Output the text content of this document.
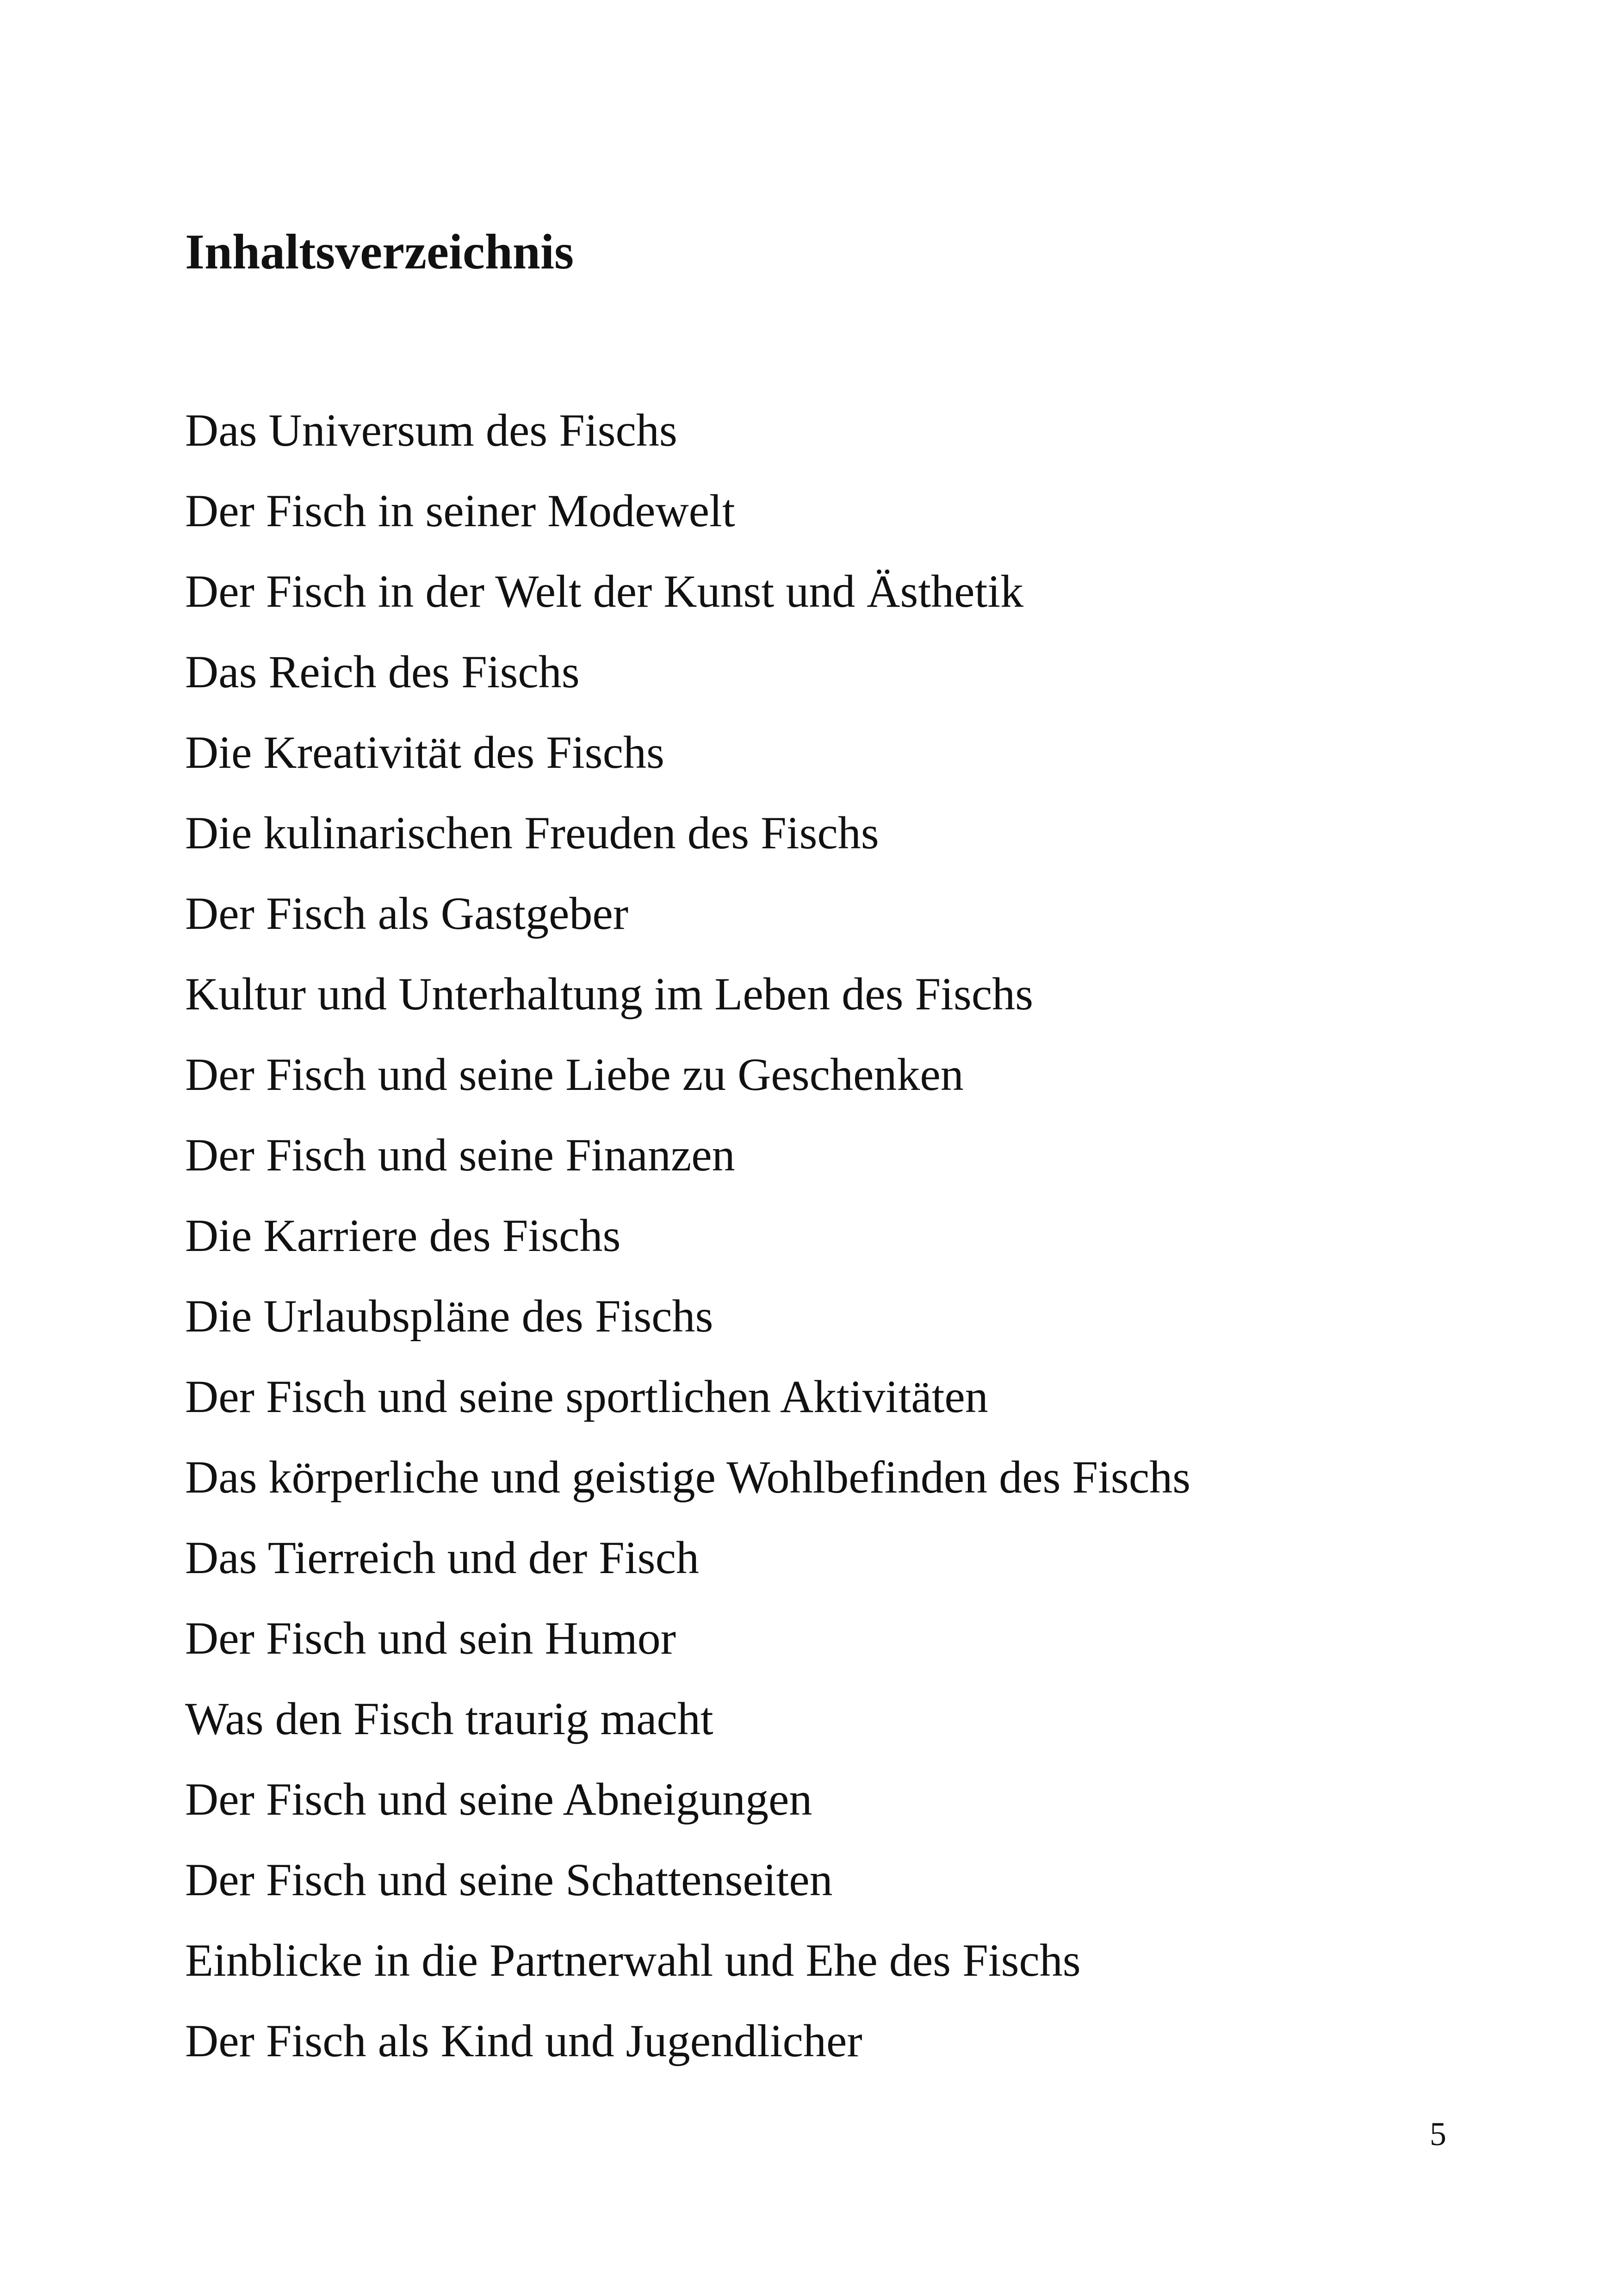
Inhaltsverzeichnis
Das Universum des Fischs
Der Fisch in seiner Modewelt
Der Fisch in der Welt der Kunst und Ästhetik
Das Reich des Fischs
Die Kreativität des Fischs
Die kulinarischen Freuden des Fischs
Der Fisch als Gastgeber
Kultur und Unterhaltung im Leben des Fischs
Der Fisch und seine Liebe zu Geschenken
Der Fisch und seine Finanzen
Die Karriere des Fischs
Die Urlaubspläne des Fischs
Der Fisch und seine sportlichen Aktivitäten
Das körperliche und geistige Wohlbefinden des Fischs
Das Tierreich und der Fisch
Der Fisch und sein Humor
Was den Fisch traurig macht
Der Fisch und seine Abneigungen
Der Fisch und seine Schattenseiten
Einblicke in die Partnerwahl und Ehe des Fischs
Der Fisch als Kind und Jugendlicher
5
